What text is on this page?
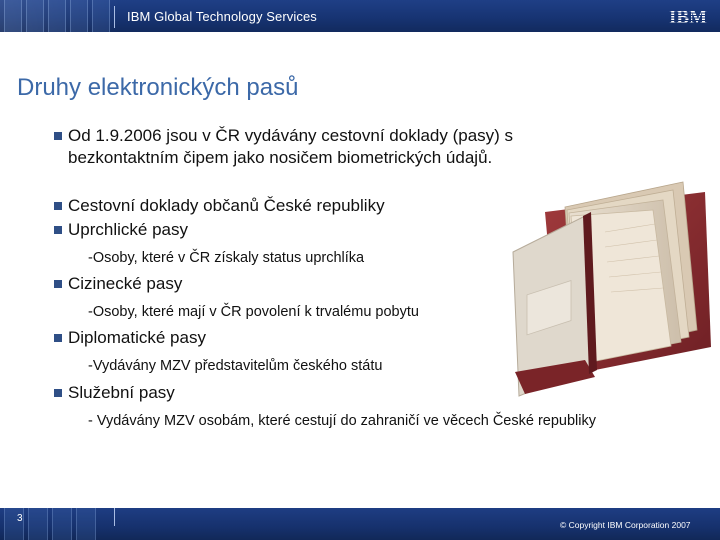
IBM Global Technology Services
Druhy elektronických pasů
Od 1.9.2006 jsou v ČR vydávány cestovní doklady (pasy) s bezkontaktním čipem jako nosičem biometrických údajů.
Cestovní doklady občanů České republiky
Uprchlické pasy
-Osoby, které v ČR získaly status uprchlíka
Cizinecké pasy
-Osoby, které mají v ČR povolení k trvalému pobytu
Diplomatické pasy
-Vydávány MZV představitelům českého státu
Služební pasy
- Vydávány MZV osobám, které cestují do zahraničí ve věcech České republiky
3
© Copyright IBM Corporation 2007
